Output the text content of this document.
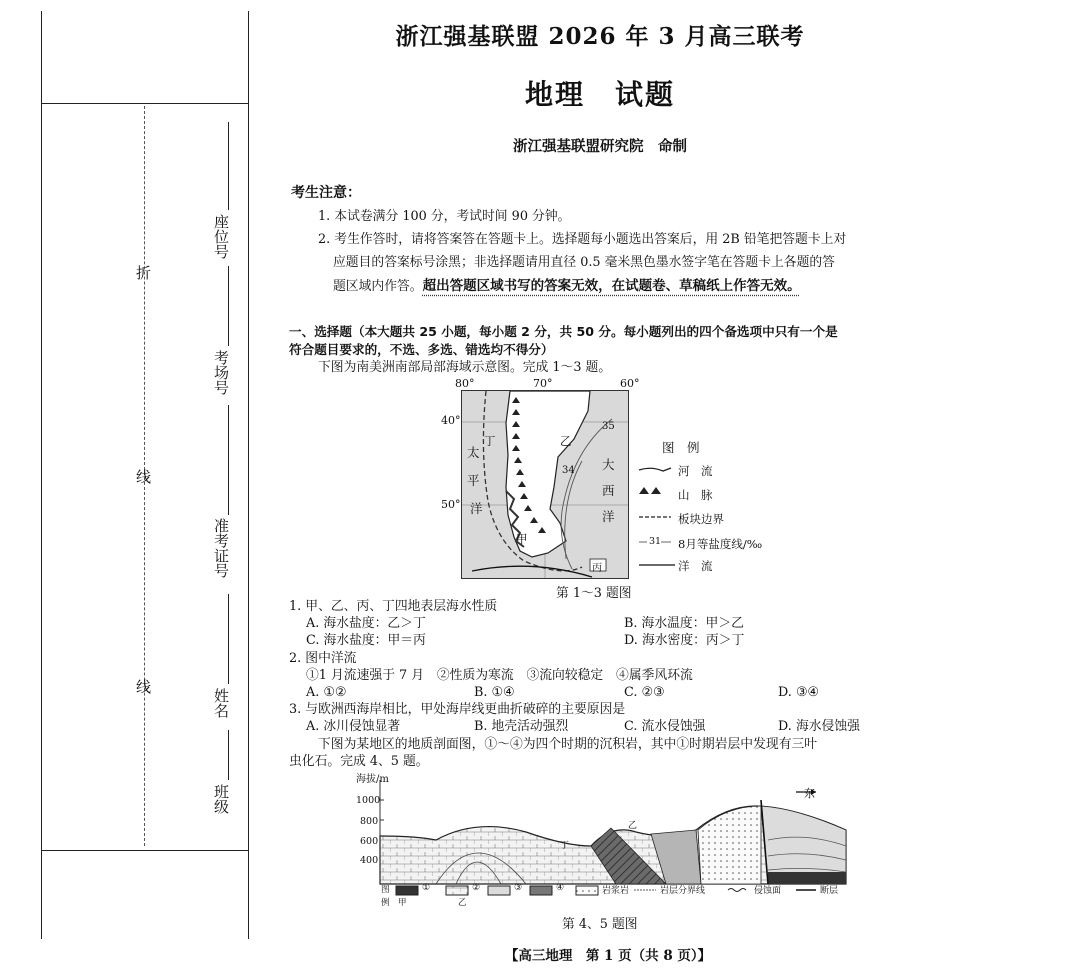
折
线
线
座位号
考场号
准考证号
姓名
班级
浙江强基联盟 2026 年 3 月高三联考
地理　试题
浙江强基联盟研究院　命制
考生注意：
1. 本试卷满分 100 分，考试时间 90 分钟。
2. 考生作答时，请将答案答在答题卡上。选择题每小题选出答案后，用 2B 铅笔把答题卡上对
应题目的答案标号涂黑；非选择题请用直径 0.5 毫米黑色墨水签字笔在答题卡上各题的答
题区域内作答。超出答题区域书写的答案无效，在试题卷、草稿纸上作答无效。
一、选择题（本大题共 25 小题，每小题 2 分，共 50 分。每小题列出的四个备选项中只有一个是
符合题目要求的，不选、多选、错选均不得分）
下图为南美洲南部局部海域示意图。完成 1～3 题。
80°	70°	60°
40°
50°
丁	乙
甲
丙
太
平
洋
大
西
洋
35
34
图　例
31
河　流
山　脉
板块边界
8月等盐度线/‰
洋　流
第 1～3 题图
1. 甲、乙、丙、丁四地表层海水性质
A. 海水盐度：乙＞丁	B. 海水温度：甲＞乙
C. 海水盐度：甲＝丙	D. 海水密度：丙＞丁
2. 图中洋流
①1 月流速强于 7 月　②性质为寒流　③流向较稳定　④属季风环流
A. ①②	B. ①④	C. ②③	D. ③④
3. 与欧洲西海岸相比，甲处海岸线更曲折破碎的主要原因是
A. 冰川侵蚀显著	B. 地壳活动强烈	C. 流水侵蚀强	D. 海水侵蚀强
下图为某地区的地质剖面图，①～④为四个时期的沉积岩，其中①时期岩层中发现有三叶
虫化石。完成 4、5 题。
海拔/m
1000
800
600
400
东
丁
乙
图
例 甲	乙
①	②	③	④	岩浆岩	岩层分界线	侵蚀面	断层
第 4、5 题图
【高三地理　第 1 页（共 8 页）】
